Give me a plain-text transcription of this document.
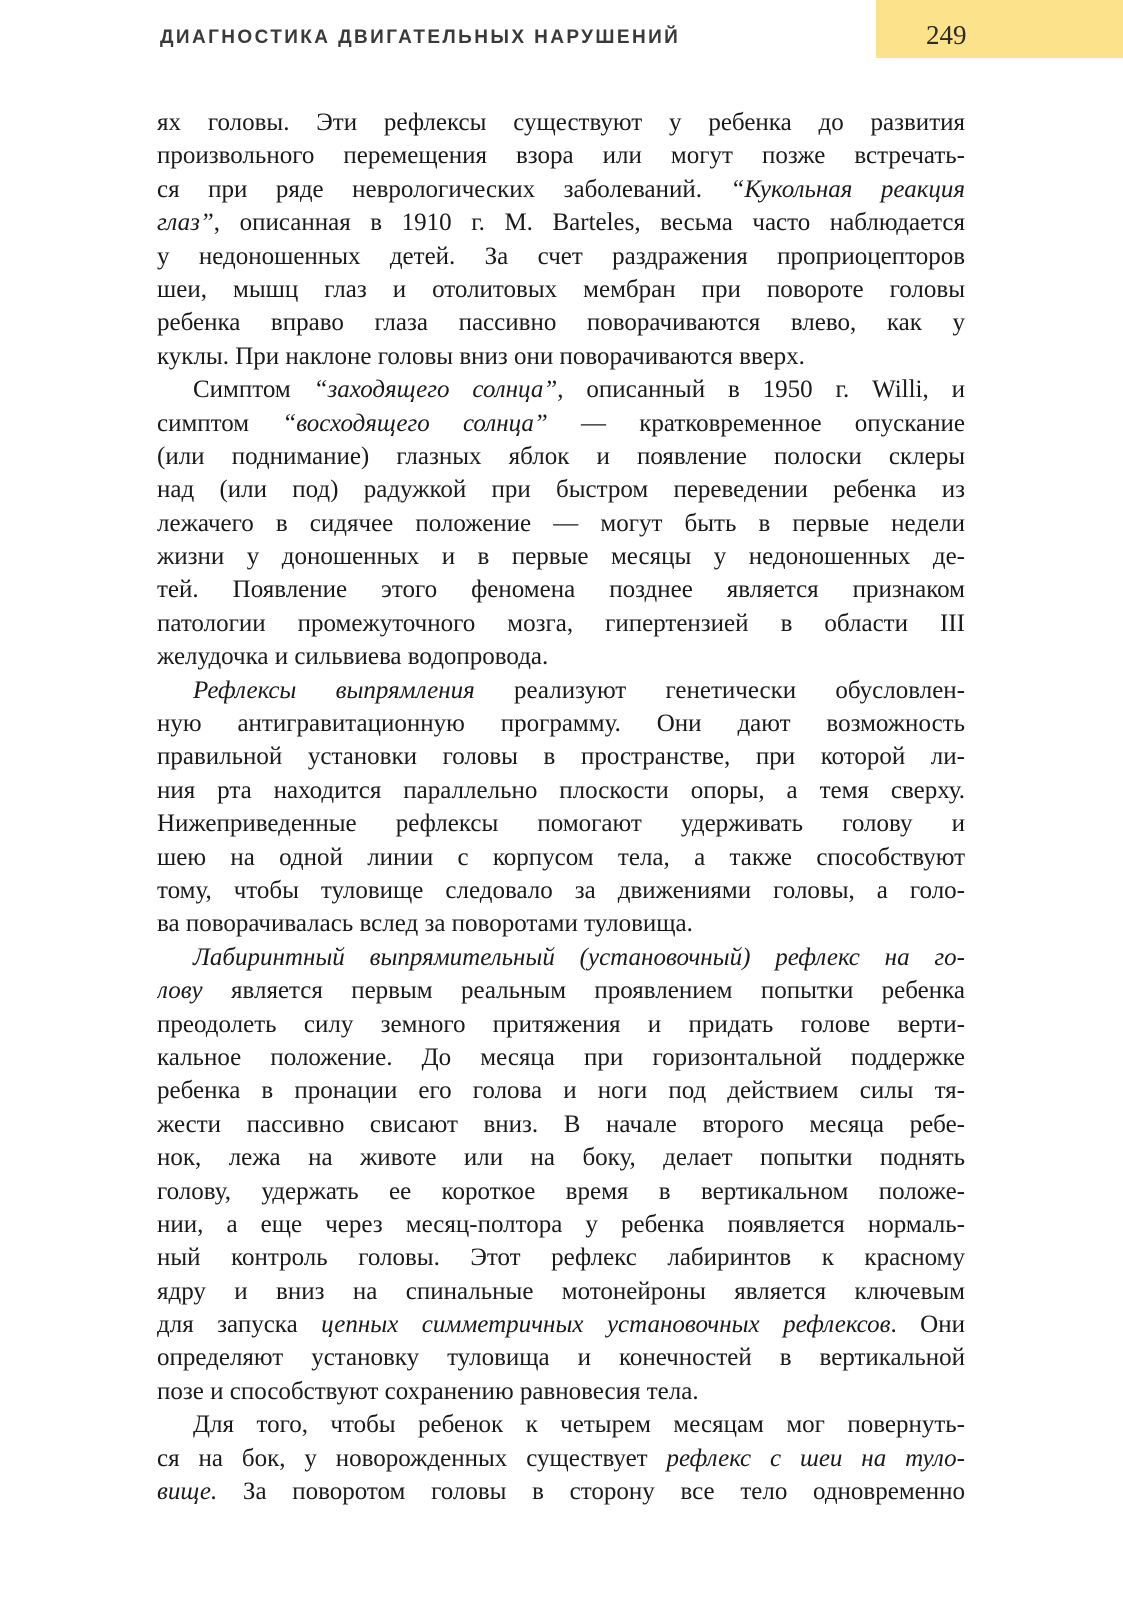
ДИАГНОСТИКА ДВИГАТЕЛЬНЫХ НАРУШЕНИЙ	249
ях головы. Эти рефлексы существуют у ребенка до развития
произвольного перемещения взора или могут позже встречать-
ся при ряде неврологических заболеваний. “Кукольная реакция
глаз”, описанная в 1910 г. M. Barteles, весьма часто наблюдается
у недоношенных детей. За счет раздражения проприоцепторов
шеи, мышц глаз и отолитовых мембран при повороте головы
ребенка вправо глаза пассивно поворачиваются влево, как у
куклы. При наклоне головы вниз они поворачиваются вверх.
Симптом “заходящего солнца”, описанный в 1950 г. Willi, и
симптом “восходящего солнца” — кратковременное опускание
(или поднимание) глазных яблок и появление полоски склеры
над (или под) радужкой при быстром переведении ребенка из
лежачего в сидячее положение — могут быть в первые недели
жизни у доношенных и в первые месяцы у недоношенных де-
тей. Появление этого феномена позднее является признаком
патологии промежуточного мозга, гипертензией в области III
желудочка и сильвиева водопровода.
Рефлексы выпрямления реализуют генетически обусловлен-
ную антигравитационную программу. Они дают возможность
правильной установки головы в пространстве, при которой ли-
ния рта находится параллельно плоскости опоры, а темя сверху.
Нижеприведенные рефлексы помогают удерживать голову и
шею на одной линии с корпусом тела, а также способствуют
тому, чтобы туловище следовало за движениями головы, а голо-
ва поворачивалась вслед за поворотами туловища.
Лабиринтный выпрямительный (установочный) рефлекс на го-
лову является первым реальным проявлением попытки ребенка
преодолеть силу земного притяжения и придать голове верти-
кальное положение. До месяца при горизонтальной поддержке
ребенка в пронации его голова и ноги под действием силы тя-
жести пассивно свисают вниз. В начале второго месяца ребе-
нок, лежа на животе или на боку, делает попытки поднять
голову, удержать ее короткое время в вертикальном положе-
нии, а еще через месяц-полтора у ребенка появляется нормаль-
ный контроль головы. Этот рефлекс лабиринтов к красному
ядру и вниз на спинальные мотонейроны является ключевым
для запуска цепных симметричных установочных рефлексов. Они
определяют установку туловища и конечностей в вертикальной
позе и способствуют сохранению равновесия тела.
Для того, чтобы ребенок к четырем месяцам мог повернуть-
ся на бок, у новорожденных существует рефлекс с шеи на туло-
вище. За поворотом головы в сторону все тело одновременно
